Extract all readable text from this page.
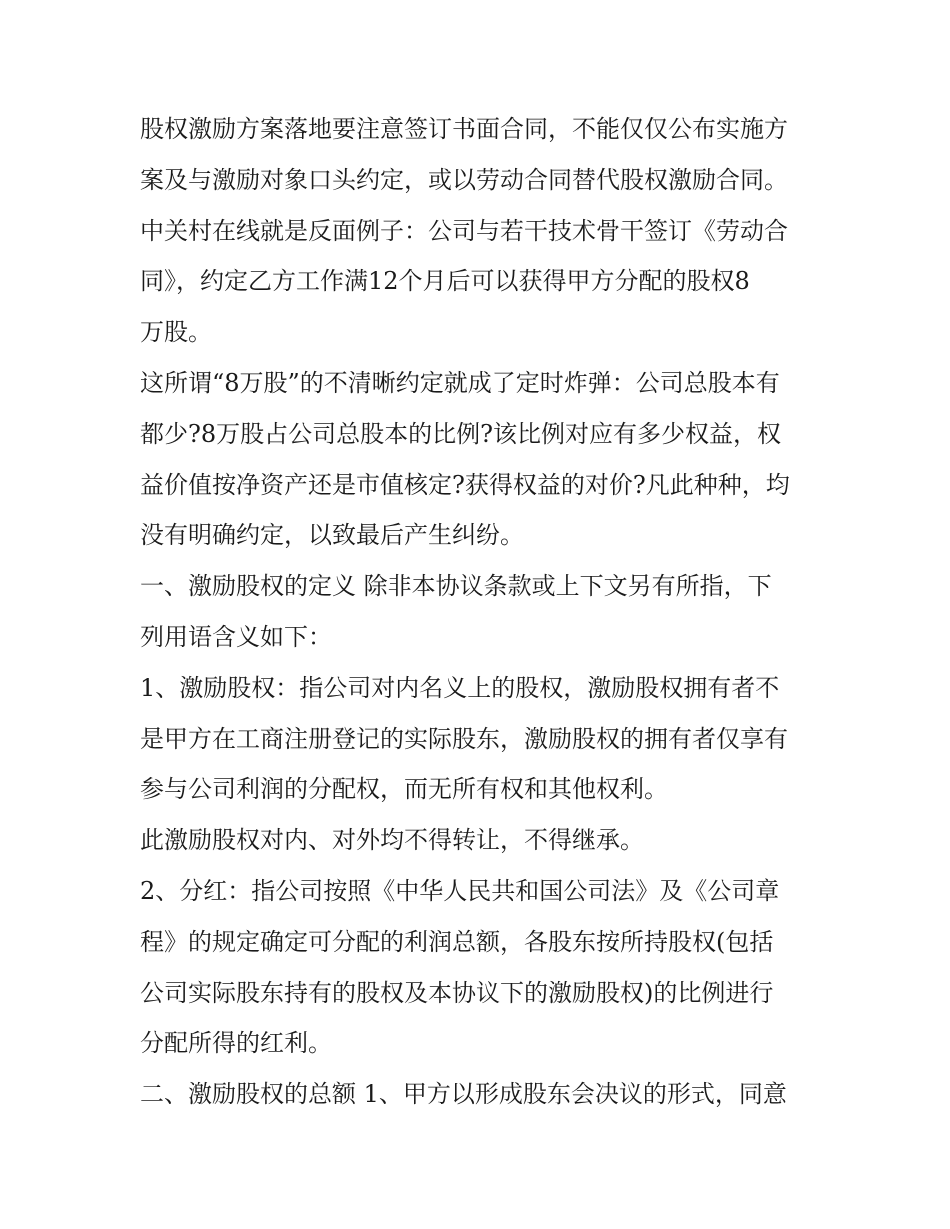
股权激励方案落地要注意签订书面合同，不能仅仅公布实施方
案及与激励对象口头约定，或以劳动合同替代股权激励合同。
中关村在线就是反面例子：公司与若干技术骨干签订《劳动合
同》，约定乙方工作满12个月后可以获得甲方分配的股权8
万股。
这所谓“8万股”的不清晰约定就成了定时炸弹：公司总股本有
都少?8万股占公司总股本的比例?该比例对应有多少权益，权
益价值按净资产还是市值核定?获得权益的对价?凡此种种，均
没有明确约定，以致最后产生纠纷。
一、激励股权的定义 除非本协议条款或上下文另有所指，下
列用语含义如下：
1、激励股权：指公司对内名义上的股权，激励股权拥有者不
是甲方在工商注册登记的实际股东，激励股权的拥有者仅享有
参与公司利润的分配权，而无所有权和其他权利。
此激励股权对内、对外均不得转让，不得继承。
2、分红：指公司按照《中华人民共和国公司法》及《公司章
程》的规定确定可分配的利润总额，各股东按所持股权(包括
公司实际股东持有的股权及本协议下的激励股权)的比例进行
分配所得的红利。
二、激励股权的总额 1、甲方以形成股东会决议的形式，同意
